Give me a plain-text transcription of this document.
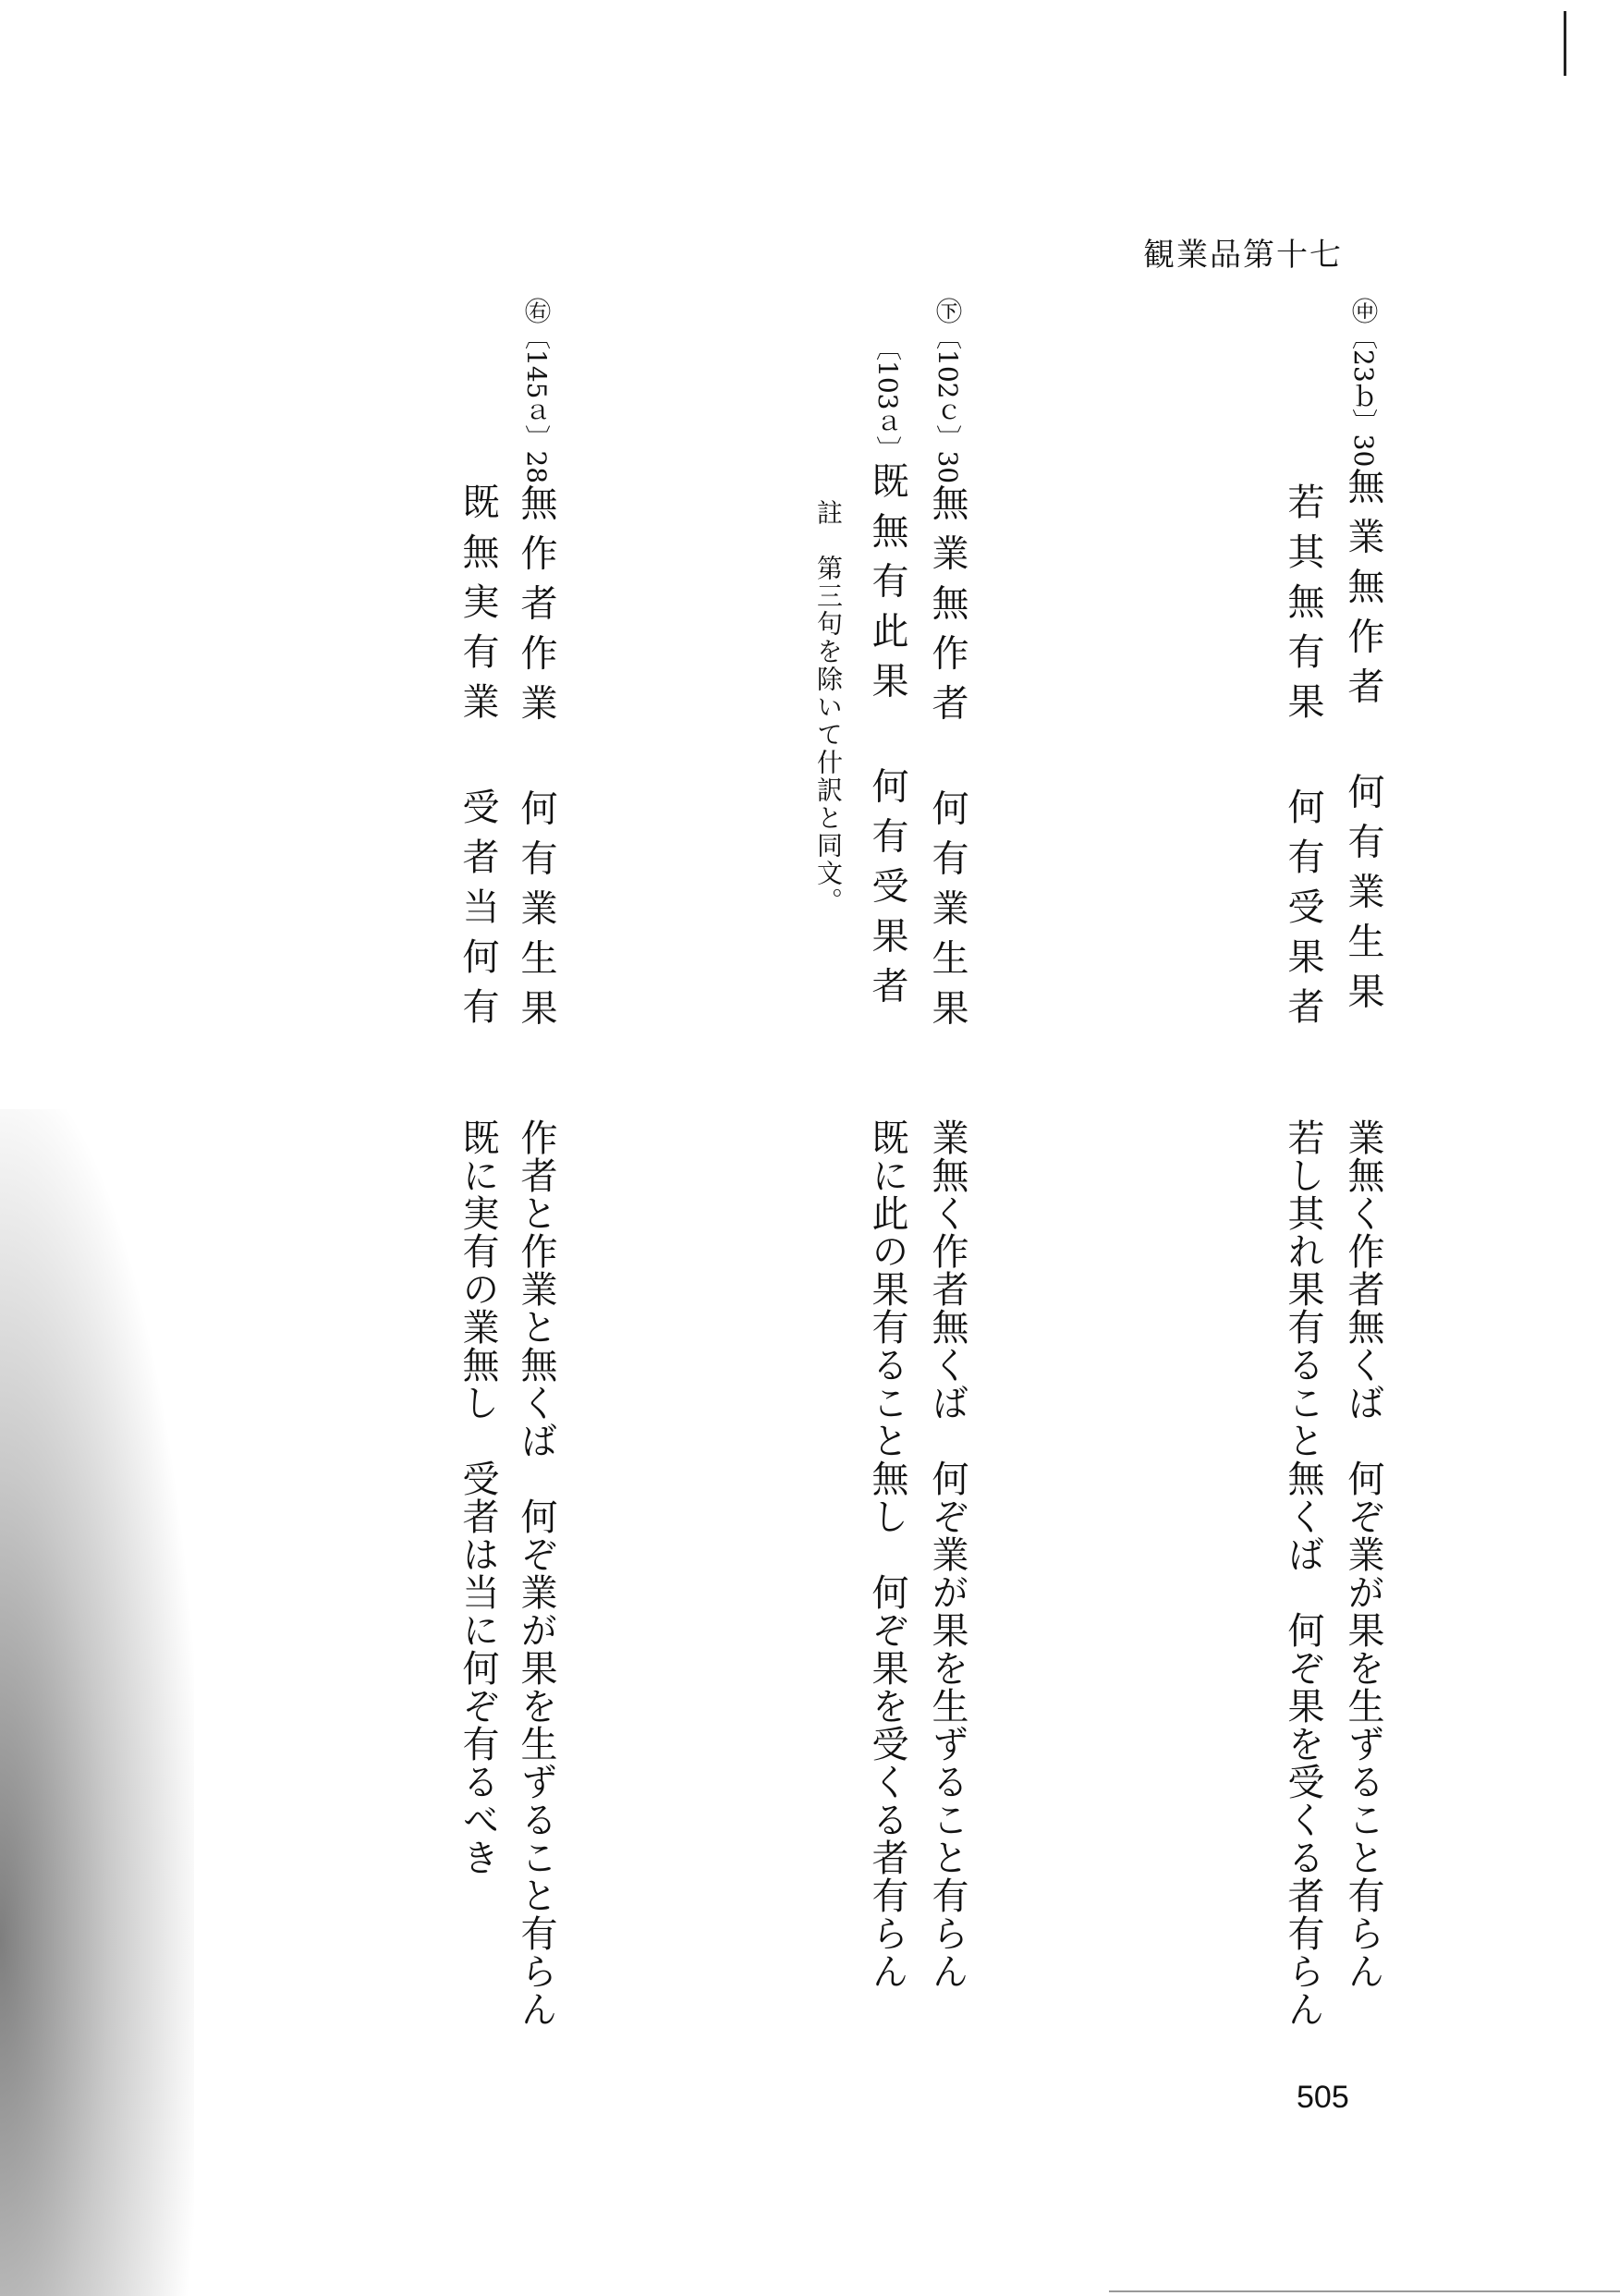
観業品第十七
㊥〔23ｂ〕30無業無作者何有業生果
若其無有果何有受果者
業無く作者無くば　何ぞ業が果を生ずること有らん
若し其れ果有ること無くば　何ぞ果を受くる者有らん
㊦〔102ｃ〕30無業無作者何有業生果
〔103ａ〕既無有此果何有受果者
註　第三句を除いて什訳と同文。
業無く作者無くば　何ぞ業が果を生ずること有らん
既に此の果有ること無し　何ぞ果を受くる者有らん
㊨〔145ａ〕28無作者作業何有業生果
既無実有業受者当何有
作者と作業と無くば　何ぞ業が果を生ずること有らん
既に実有の業無し　受者は当に何ぞ有るべき
505
